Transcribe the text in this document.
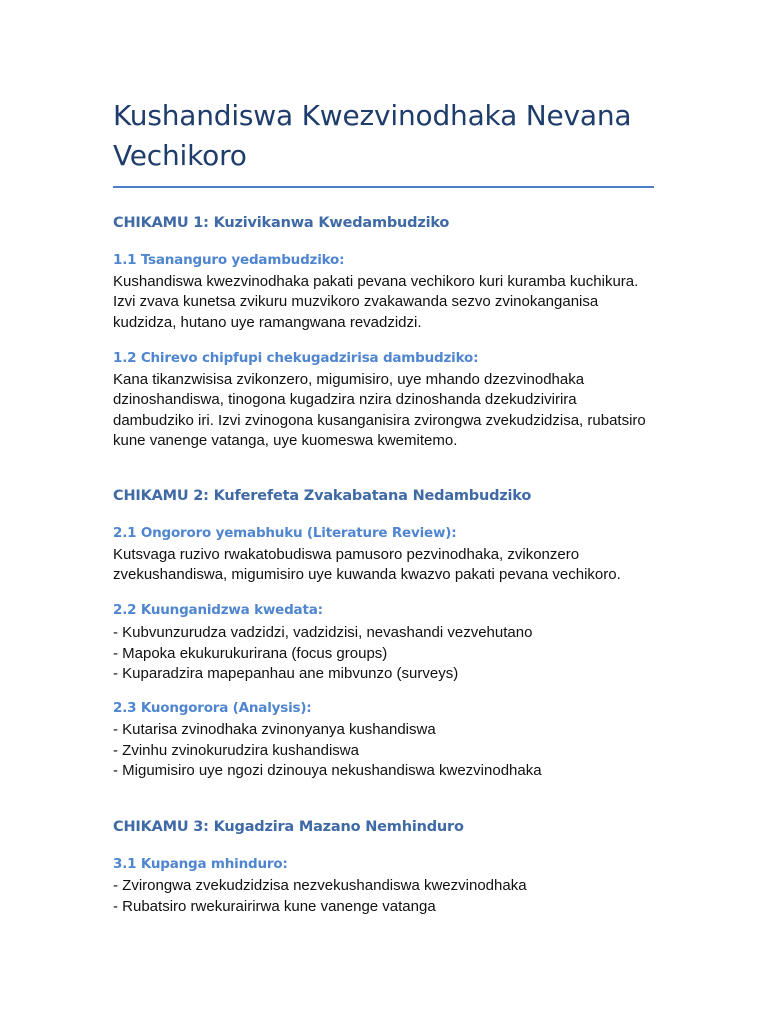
Kushandiswa Kwezvinodhaka Nevana
Vechikoro
CHIKAMU 1: Kuzivikanwa Kwedambudziko
1.1 Tsananguro yedambudziko:
Kushandiswa kwezvinodhaka pakati pevana vechikoro kuri kuramba kuchikura.
Izvi zvava kunetsa zvikuru muzvikoro zvakawanda sezvo zvinokanganisa
kudzidza, hutano uye ramangwana revadzidzi.
1.2 Chirevo chipfupi chekugadzirisa dambudziko:
Kana tikanzwisisa zvikonzero, migumisiro, uye mhando dzezvinodhaka
dzinoshandiswa, tinogona kugadzira nzira dzinoshanda dzekudzivirira
dambudziko iri. Izvi zvinogona kusanganisira zvirongwa zvekudzidzisa, rubatsiro
kune vanenge vatanga, uye kuomeswa kwemitemo.
CHIKAMU 2: Kuferefeta Zvakabatana Nedambudziko
2.1 Ongororo yemabhuku (Literature Review):
Kutsvaga ruzivo rwakatobudiswa pamusoro pezvinodhaka, zvikonzero
zvekushandiswa, migumisiro uye kuwanda kwazvo pakati pevana vechikoro.
2.2 Kuunganidzwa kwedata:
- Kubvunzurudza vadzidzi, vadzidzisi, nevashandi vezvehutano
- Mapoka ekukurukurirana (focus groups)
- Kuparadzira mapepanhau ane mibvunzo (surveys)
2.3 Kuongorora (Analysis):
- Kutarisa zvinodhaka zvinonyanya kushandiswa
- Zvinhu zvinokurudzira kushandiswa
- Migumisiro uye ngozi dzinouya nekushandiswa kwezvinodhaka
CHIKAMU 3: Kugadzira Mazano Nemhinduro
3.1 Kupanga mhinduro:
- Zvirongwa zvekudzidzisa nezvekushandiswa kwezvinodhaka
- Rubatsiro rwekurairirwa kune vanenge vatanga
